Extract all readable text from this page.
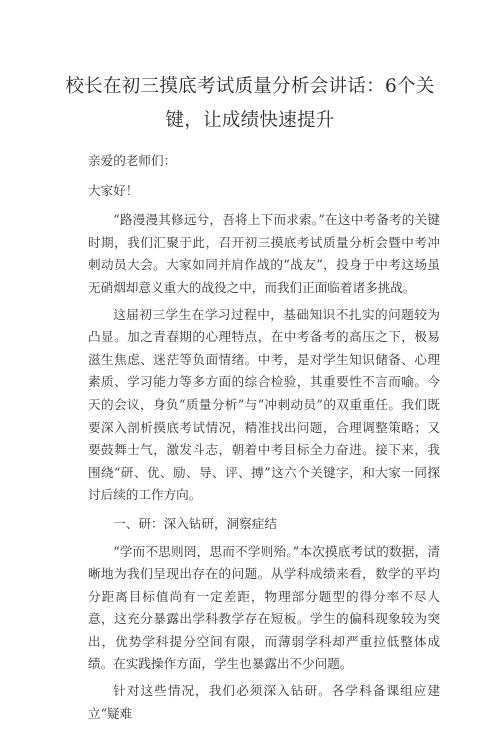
校长在初三摸底考试质量分析会讲话：6个关
键，让成绩快速提升

亲爱的老师们：

大家好！

“路漫漫其修远兮，吾将上下而求索。”在这中考备考的关键时期，我们汇聚于此，召开初三摸底考试质量分析会暨中考冲刺动员大会。大家如同并肩作战的“战友”，投身于中考这场虽无硝烟却意义重大的战役之中，而我们正面临着诸多挑战。

这届初三学生在学习过程中，基础知识不扎实的问题较为凸显。加之青春期的心理特点，在中考备考的高压之下，极易滋生焦虑、迷茫等负面情绪。中考，是对学生知识储备、心理素质、学习能力等多方面的综合检验，其重要性不言而喻。今天的会议，身负“质量分析”与“冲刺动员”的双重重任。我们既要深入剖析摸底考试情况，精准找出问题，合理调整策略；又要鼓舞士气，激发斗志，朝着中考目标全力奋进。接下来，我围绕“研、优、励、导、评、搏”这六个关键字，和大家一同探讨后续的工作方向。

一、研：深入钻研，洞察症结

“学而不思则罔，思而不学则殆。”本次摸底考试的数据，清晰地为我们呈现出存在的问题。从学科成绩来看，数学的平均分距离目标值尚有一定差距，物理部分题型的得分率不尽人意，这充分暴露出学科教学存在短板。学生的偏科现象较为突出，优势学科提分空间有限，而薄弱学科却严重拉低整体成绩。在实践操作方面，学生也暴露出不少问题。

针对这些情况，我们必须深入钻研。各学科备课组应建立“疑难
